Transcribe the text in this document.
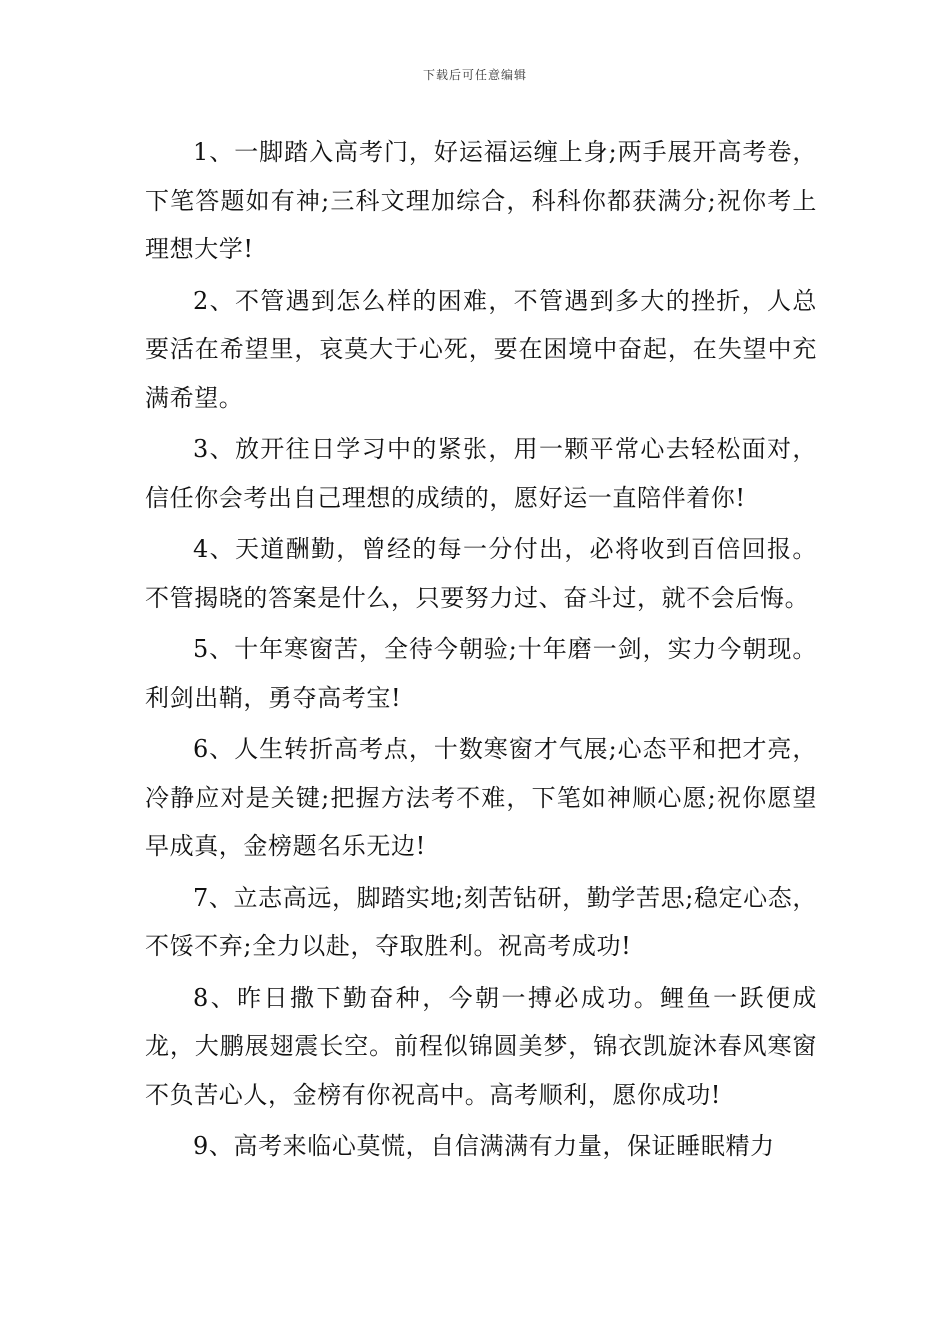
下载后可任意编辑

1、一脚踏入高考门，好运福运缠上身;两手展开高考卷，下笔答题如有神;三科文理加综合，科科你都获满分;祝你考上理想大学!

2、不管遇到怎么样的困难，不管遇到多大的挫折，人总要活在希望里，哀莫大于心死，要在困境中奋起，在失望中充满希望。

3、放开往日学习中的紧张，用一颗平常心去轻松面对，信任你会考出自己理想的成绩的，愿好运一直陪伴着你!

4、天道酬勤，曾经的每一分付出，必将收到百倍回报。不管揭晓的答案是什么，只要努力过、奋斗过，就不会后悔。

5、十年寒窗苦，全待今朝验;十年磨一剑，实力今朝现。利剑出鞘，勇夺高考宝!

6、人生转折高考点，十数寒窗才气展;心态平和把才亮，冷静应对是关键;把握方法考不难，下笔如神顺心愿;祝你愿望早成真，金榜题名乐无边!

7、立志高远，脚踏实地;刻苦钻研，勤学苦思;稳定心态，不馁不弃;全力以赴，夺取胜利。祝高考成功!

8、昨日撒下勤奋种，今朝一搏必成功。鲤鱼一跃便成龙，大鹏展翅震长空。前程似锦圆美梦，锦衣凯旋沐春风寒窗不负苦心人，金榜有你祝高中。高考顺利，愿你成功!

9、高考来临心莫慌，自信满满有力量，保证睡眠精力
